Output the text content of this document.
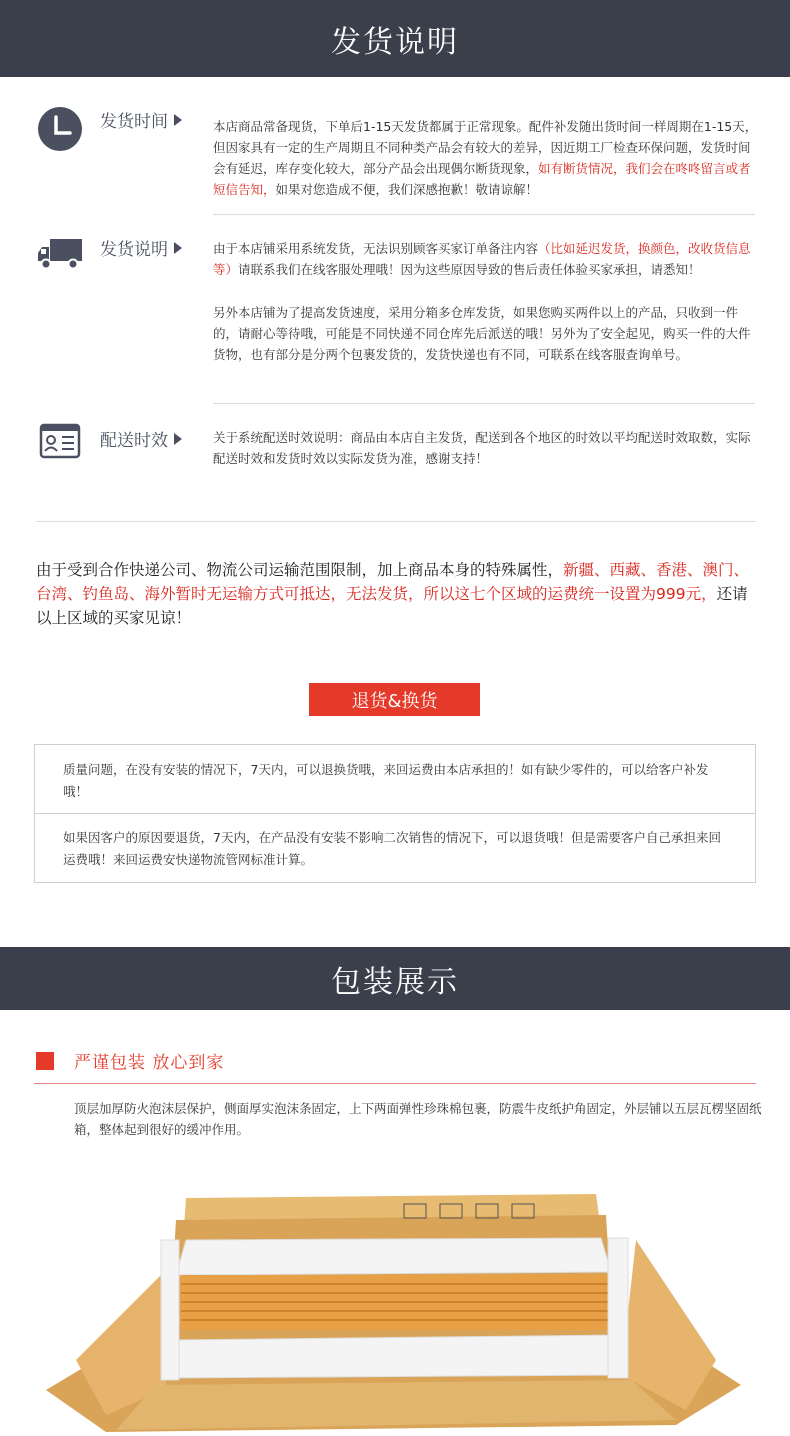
发货说明
发货时间	本店商品常备现货，下单后1-15天发货都属于正常现象。配件补发随出货时间一样周期在1-15天，但因家具有一定的生产周期且不同种类产品会有较大的差异，因近期工厂检查环保问题，发货时间会有延迟，库存变化较大，部分产品会出现偶尔断货现象，如有断货情况，我们会在咚咚留言或者短信告知，如果对您造成不便，我们深感抱歉！敬请谅解！
发货说明	由于本店铺采用系统发货，无法识别顾客买家订单备注内容（比如延迟发货，换颜色，改收货信息等）请联系我们在线客服处理哦！因为这些原因导致的售后责任体验买家承担，请悉知！
另外本店铺为了提高发货速度，采用分箱多仓库发货，如果您购买两件以上的产品，只收到一件的，请耐心等待哦，可能是不同快递不同仓库先后派送的哦！另外为了安全起见，购买一件的大件货物，也有部分是分两个包裹发货的，发货快递也有不同，可联系在线客服查询单号。
配送时效	关于系统配送时效说明：商品由本店自主发货，配送到各个地区的时效以平均配送时效取数，实际配送时效和发货时效以实际发货为准，感谢支持！
由于受到合作快递公司、物流公司运输范围限制，加上商品本身的特殊属性，新疆、西藏、香港、澳门、台湾、钓鱼岛、海外暂时无运输方式可抵达，无法发货，所以这七个区域的运费统一设置为999元，还请以上区域的买家见谅！
退货&换货
质量问题，在没有安装的情况下，7天内，可以退换货哦，来回运费由本店承担的！如有缺少零件的，可以给客户补发哦！
如果因客户的原因要退货，7天内，在产品没有安装不影响二次销售的情况下，可以退货哦！但是需要客户自己承担来回运费哦！来回运费安快递物流管网标准计算。
包装展示
严谨包装 放心到家
顶层加厚防火泡沫层保护，侧面厚实泡沫条固定，上下两面弹性珍珠棉包裹，防震牛皮纸护角固定，外层铺以五层瓦楞坚固纸箱，整体起到很好的缓冲作用。
